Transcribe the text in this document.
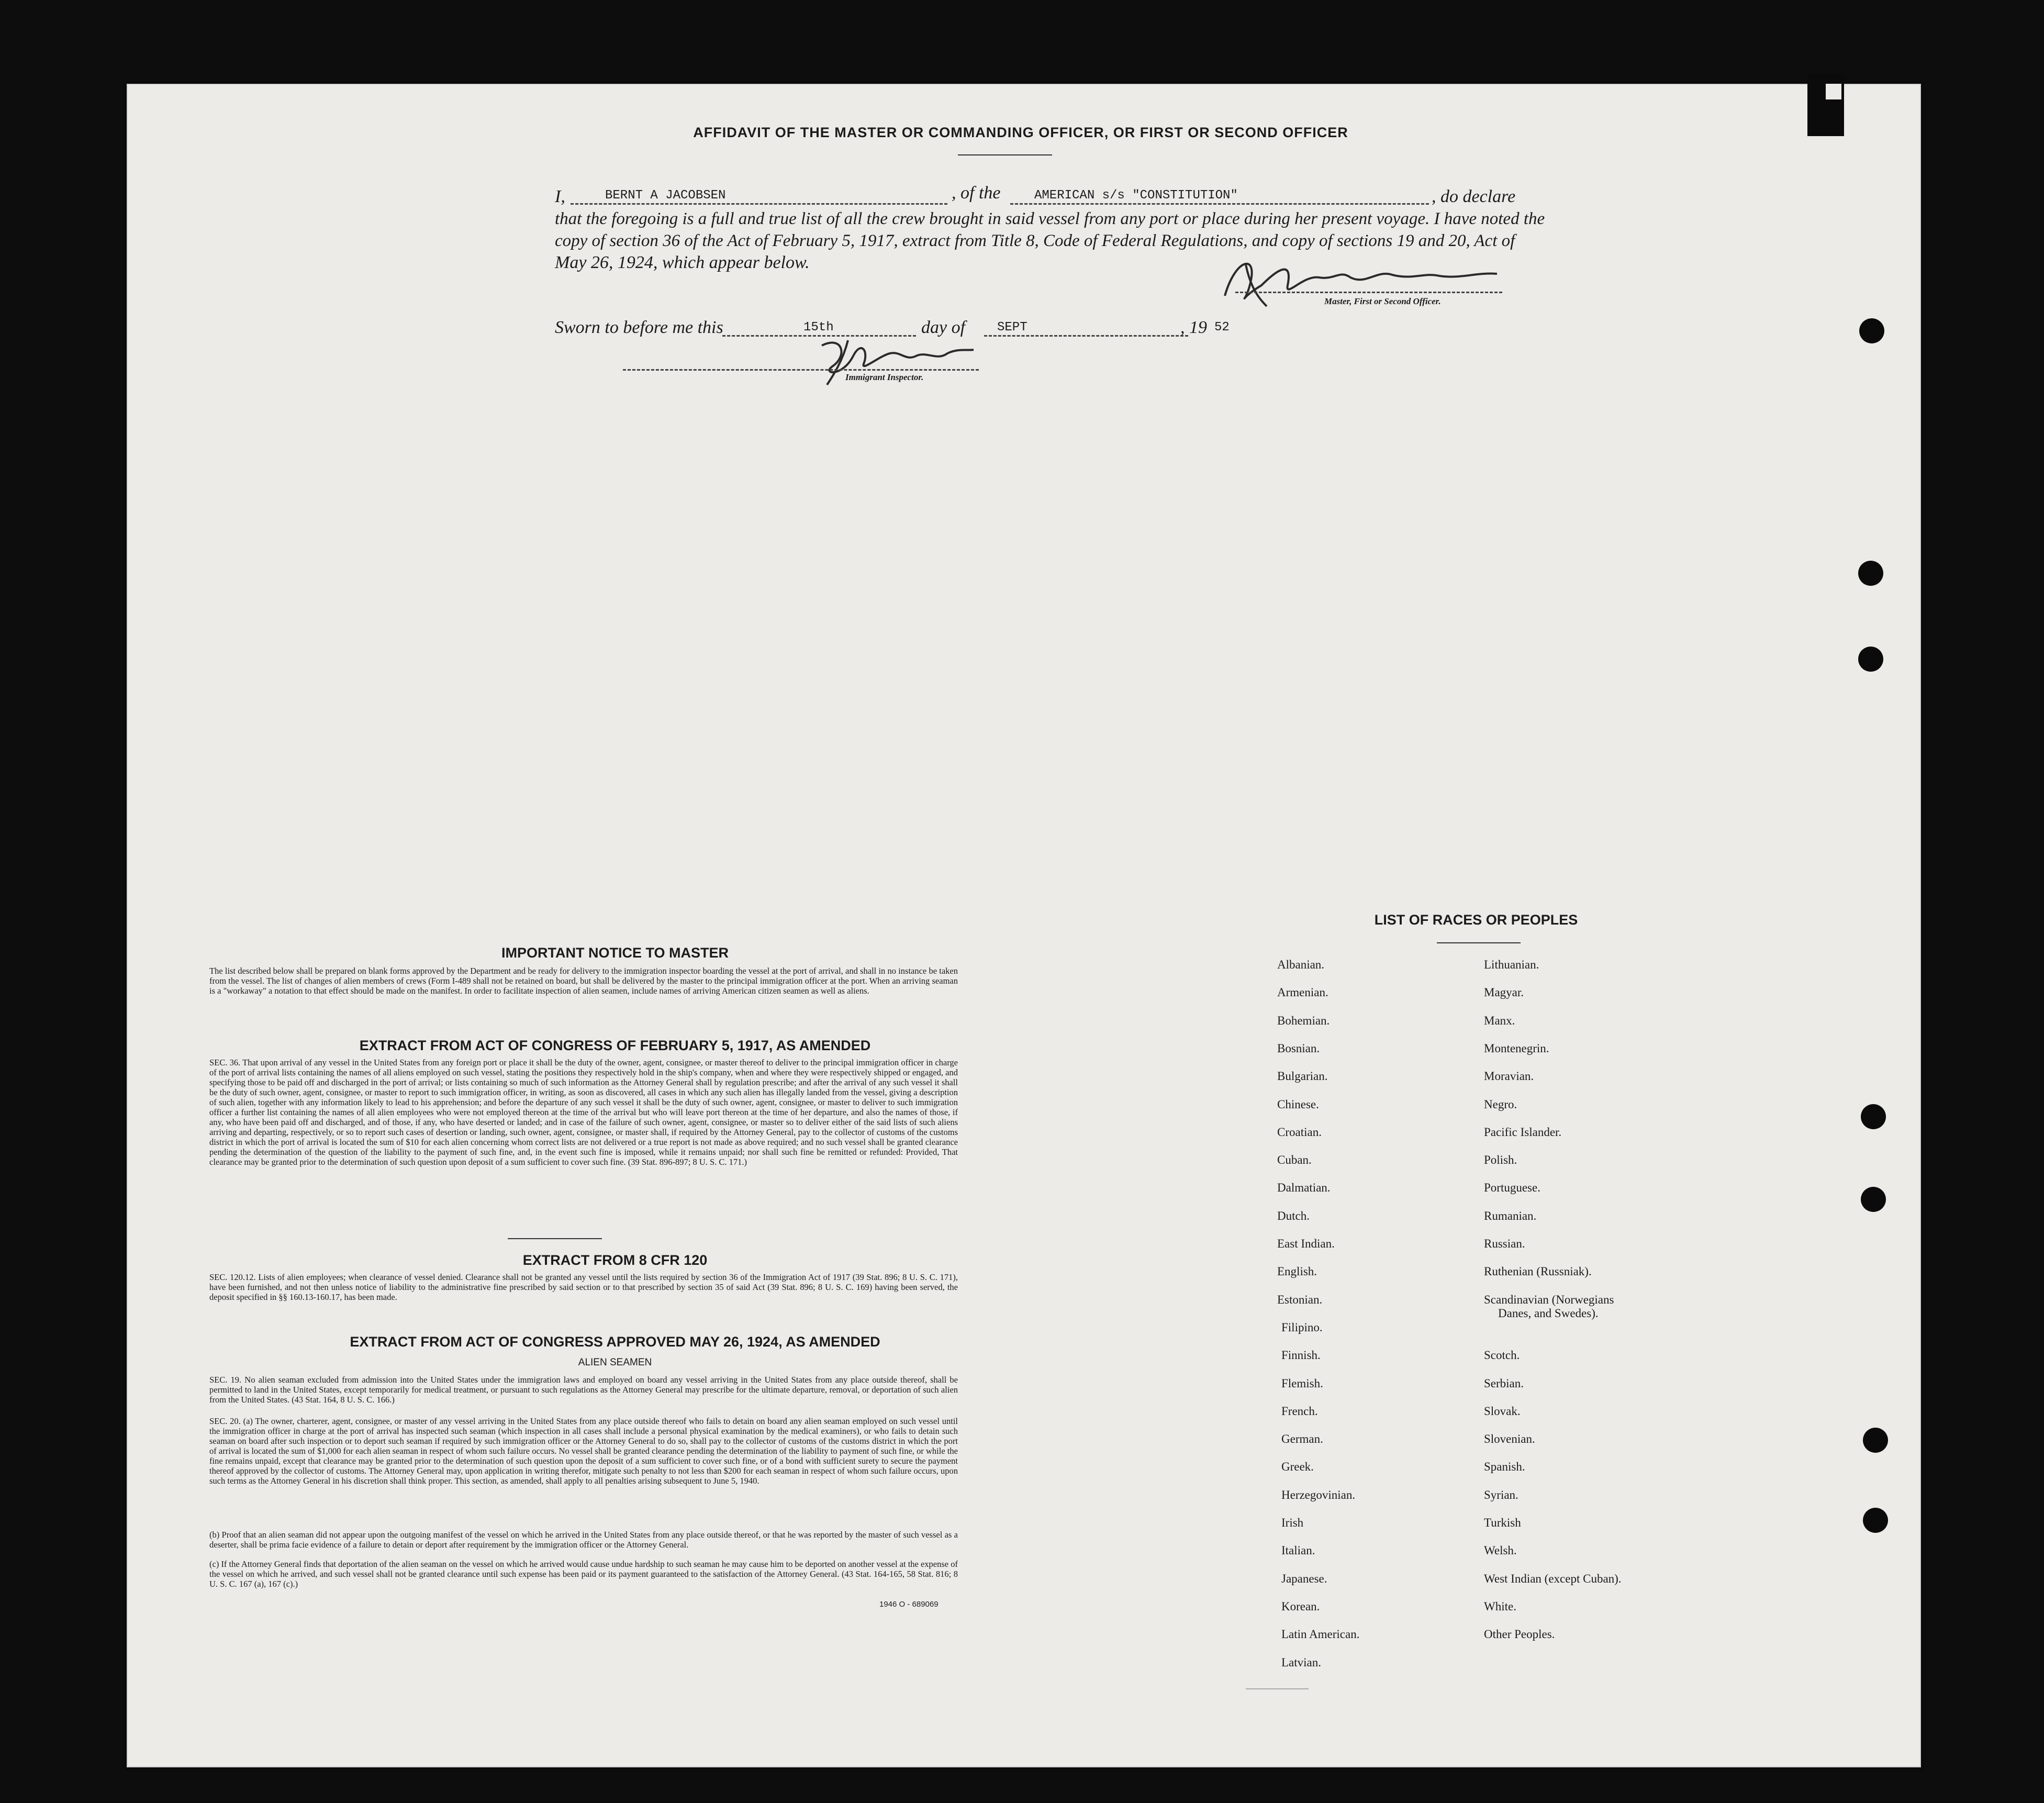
AFFIDAVIT OF THE MASTER OR COMMANDING OFFICER, OR FIRST OR SECOND OFFICER
I,	BERNT A JACOBSEN	, of the	AMERICAN s/s "CONSTITUTION"	, do declare
that the foregoing is a full and true list of all the crew brought in said vessel from any port or place during her present voyage. I have noted the
copy of section 36 of the Act of February 5, 1917, extract from Title 8, Code of Federal Regulations, and copy of sections 19 and 20, Act of
May 26, 1924, which appear below.
Master, First or Second Officer.
Sworn to before me this	15th	day of	SEPT	, 19 52
Immigrant Inspector.
IMPORTANT NOTICE TO MASTER
The list described below shall be prepared on blank forms approved by the Department and be ready for delivery to the immigration inspector boarding the vessel at the port of arrival, and shall in no instance be taken from the vessel. The list of changes of alien members of crews (Form I-489 shall not be retained on board, but shall be delivered by the master to the principal immigration officer at the port. When an arriving seaman is a "workaway" a notation to that effect should be made on the manifest. In order to facilitate inspection of alien seamen, include names of arriving American citizen seamen as well as aliens.
EXTRACT FROM ACT OF CONGRESS OF FEBRUARY 5, 1917, AS AMENDED
SEC. 36. That upon arrival of any vessel in the United States from any foreign port or place it shall be the duty of the owner, agent, consignee, or master thereof to deliver to the principal immigration officer in charge of the port of arrival lists containing the names of all aliens employed on such vessel, stating the positions they respectively hold in the ship's company, when and where they were respectively shipped or engaged, and specifying those to be paid off and discharged in the port of arrival; or lists containing so much of such information as the Attorney General shall by regulation prescribe; and after the arrival of any such vessel it shall be the duty of such owner, agent, consignee, or master to report to such immigration officer, in writing, as soon as discovered, all cases in which any such alien has illegally landed from the vessel, giving a description of such alien, together with any information likely to lead to his apprehension; and before the departure of any such vessel it shall be the duty of such owner, agent, consignee, or master to deliver to such immigration officer a further list containing the names of all alien employees who were not employed thereon at the time of the arrival but who will leave port thereon at the time of her departure, and also the names of those, if any, who have been paid off and discharged, and of those, if any, who have deserted or landed; and in case of the failure of such owner, agent, consignee, or master so to deliver either of the said lists of such aliens arriving and departing, respectively, or so to report such cases of desertion or landing, such owner, agent, consignee, or master shall, if required by the Attorney General, pay to the collector of customs of the customs district in which the port of arrival is located the sum of $10 for each alien concerning whom correct lists are not delivered or a true report is not made as above required; and no such vessel shall be granted clearance pending the determination of the question of the liability to the payment of such fine, and, in the event such fine is imposed, while it remains unpaid; nor shall such fine be remitted or refunded: Provided, That clearance may be granted prior to the determination of such question upon deposit of a sum sufficient to cover such fine. (39 Stat. 896-897; 8 U. S. C. 171.)
EXTRACT FROM 8 CFR 120
SEC. 120.12. Lists of alien employees; when clearance of vessel denied. Clearance shall not be granted any vessel until the lists required by section 36 of the Immigration Act of 1917 (39 Stat. 896; 8 U. S. C. 171), have been furnished, and not then unless notice of liability to the administrative fine prescribed by said section or to that prescribed by section 35 of said Act (39 Stat. 896; 8 U. S. C. 169) having been served, the deposit specified in §§ 160.13-160.17, has been made.
EXTRACT FROM ACT OF CONGRESS APPROVED MAY 26, 1924, AS AMENDED
ALIEN SEAMEN
SEC. 19. No alien seaman excluded from admission into the United States under the immigration laws and employed on board any vessel arriving in the United States from any place outside thereof, shall be permitted to land in the United States, except temporarily for medical treatment, or pursuant to such regulations as the Attorney General may prescribe for the ultimate departure, removal, or deportation of such alien from the United States. (43 Stat. 164, 8 U. S. C. 166.)
SEC. 20. (a) The owner, charterer, agent, consignee, or master of any vessel arriving in the United States from any place outside thereof who fails to detain on board any alien seaman employed on such vessel until the immigration officer in charge at the port of arrival has inspected such seaman (which inspection in all cases shall include a personal physical examination by the medical examiners), or who fails to detain such seaman on board after such inspection or to deport such seaman if required by such immigration officer or the Attorney General to do so, shall pay to the collector of customs of the customs district in which the port of arrival is located the sum of $1,000 for each alien seaman in respect of whom such failure occurs. No vessel shall be granted clearance pending the determination of the liability to payment of such fine, or while the fine remains unpaid, except that clearance may be granted prior to the determination of such question upon the deposit of a sum sufficient to cover such fine, or of a bond with sufficient surety to secure the payment thereof approved by the collector of customs. The Attorney General may, upon application in writing therefor, mitigate such penalty to not less than $200 for each seaman in respect of whom such failure occurs, upon such terms as the Attorney General in his discretion shall think proper. This section, as amended, shall apply to all penalties arising subsequent to June 5, 1940.
(b) Proof that an alien seaman did not appear upon the outgoing manifest of the vessel on which he arrived in the United States from any place outside thereof, or that he was reported by the master of such vessel as a deserter, shall be prima facie evidence of a failure to detain or deport after requirement by the immigration officer or the Attorney General.
(c) If the Attorney General finds that deportation of the alien seaman on the vessel on which he arrived would cause undue hardship to such seaman he may cause him to be deported on another vessel at the expense of the vessel on which he arrived, and such vessel shall not be granted clearance until such expense has been paid or its payment guaranteed to the satisfaction of the Attorney General. (43 Stat. 164-165, 58 Stat. 816; 8 U. S. C. 167 (a), 167 (c).)
1946 O - 689069
LIST OF RACES OR PEOPLES
Albanian.
Armenian.
Bohemian.
Bosnian.
Bulgarian.
Chinese.
Croatian.
Cuban.
Dalmatian.
Dutch.
East Indian.
English.
Estonian.
Filipino.
Finnish.
Flemish.
French.
German.
Greek.
Herzegovinian.
Irish
Italian.
Japanese.
Korean.
Latin American.
Latvian.
Lithuanian.
Magyar.
Manx.
Montenegrin.
Moravian.
Negro.
Pacific Islander.
Polish.
Portuguese.
Rumanian.
Russian.
Ruthenian (Russniak).
Scandinavian (Norwegians
Danes, and Swedes).
Scotch.
Serbian.
Slovak.
Slovenian.
Spanish.
Syrian.
Turkish
Welsh.
West Indian (except Cuban).
White.
Other Peoples.
